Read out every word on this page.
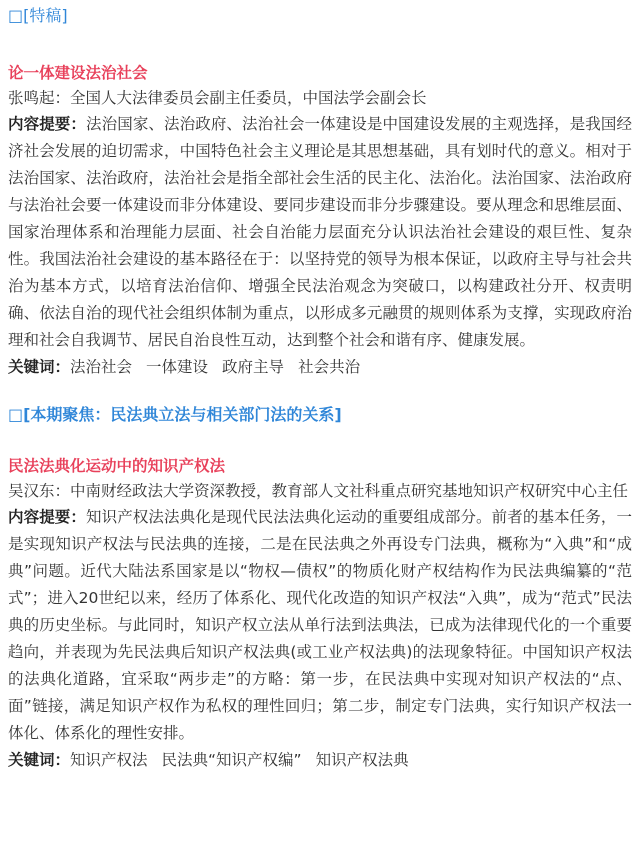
□[特稿]

论一体建设法治社会

张鸣起：全国人大法律委员会副主任委员，中国法学会副会长

内容提要：法治国家、法治政府、法治社会一体建设是中国建设发展的主观选择，是我国经济社会发展的迫切需求，中国特色社会主义理论是其思想基础，具有划时代的意义。相对于法治国家、法治政府，法治社会是指全部社会生活的民主化、法治化。法治国家、法治政府与法治社会要一体建设而非分体建设、要同步建设而非分步骤建设。要从理念和思维层面、国家治理体系和治理能力层面、社会自治能力层面充分认识法治社会建设的艰巨性、复杂性。我国法治社会建设的基本路径在于：以坚持党的领导为根本保证，以政府主导与社会共治为基本方式，以培育法治信仰、增强全民法治观念为突破口，以构建政社分开、权责明确、依法自治的现代社会组织体制为重点，以形成多元融贯的规则体系为支撑，实现政府治理和社会自我调节、居民自治良性互动，达到整个社会和谐有序、健康发展。

关键词：法治社会 一体建设 政府主导 社会共治

□[本期聚焦：民法典立法与相关部门法的关系]

民法法典化运动中的知识产权法

吴汉东：中南财经政法大学资深教授，教育部人文社科重点研究基地知识产权研究中心主任

内容提要：知识产权法法典化是现代民法法典化运动的重要组成部分。前者的基本任务，一是实现知识产权法与民法典的连接，二是在民法典之外再设专门法典，概称为“入典”和“成典”问题。近代大陆法系国家是以“物权—债权”的物质化财产权结构作为民法典编纂的“范式”；进入20世纪以来，经历了体系化、现代化改造的知识产权法“入典”，成为“范式”民法典的历史坐标。与此同时，知识产权立法从单行法到法典法，已成为法律现代化的一个重要趋向，并表现为先民法典后知识产权法典(或工业产权法典)的法现象特征。中国知识产权法的法典化道路，宜采取“两步走”的方略：第一步，在民法典中实现对知识产权法的“点、面”链接，满足知识产权作为私权的理性回归；第二步，制定专门法典，实行知识产权法一体化、体系化的理性安排。

关键词：知识产权法 民法典“知识产权编” 知识产权法典
